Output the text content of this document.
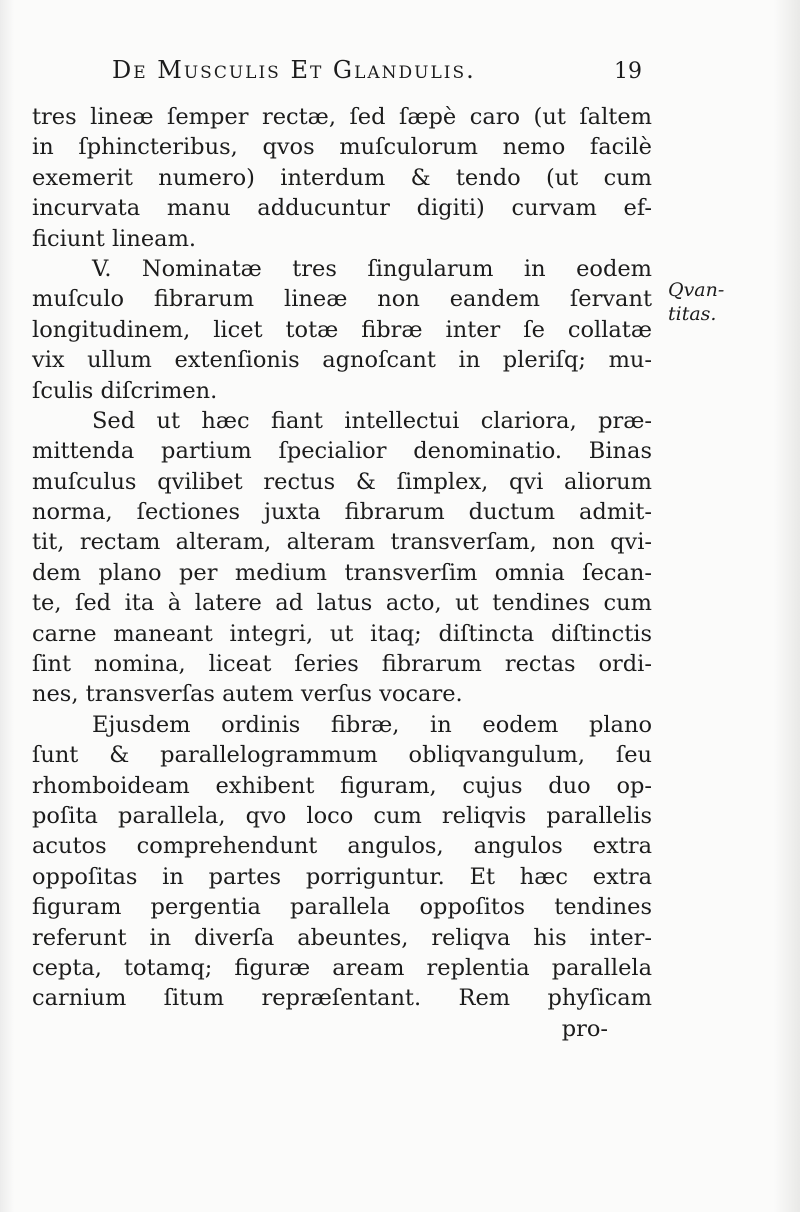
De Musculis Et Glandulis.	19
tres lineæ ſemper rectæ, ſed ſæpè caro (ut ſaltem
in ſphincteribus, qvos muſculorum nemo facilè
exemerit numero) interdum & tendo (ut cum
incurvata manu adducuntur digiti) curvam ef-
ficiunt lineam.
V. Nominatæ tres ſingularum in eodem
muſculo fibrarum lineæ non eandem ſervant
longitudinem, licet totæ fibræ inter ſe collatæ
vix ullum extenſionis agnoſcant in pleriſq; mu-
ſculis diſcrimen.
Sed ut hæc fiant intellectui clariora, præ-
mittenda partium ſpecialior denominatio. Binas
muſculus qvilibet rectus & ſimplex, qvi aliorum
norma, ſectiones juxta fibrarum ductum admit-
tit, rectam alteram, alteram transverſam, non qvi-
dem plano per medium transverſim omnia ſecan-
te, ſed ita à latere ad latus acto, ut tendines cum
carne maneant integri, ut itaq; diſtincta diſtinctis
ſint nomina, liceat ſeries fibrarum rectas ordi-
nes, transverſas autem verſus vocare.
Ejusdem ordinis fibræ, in eodem plano
ſunt & parallelogrammum obliqvangulum, ſeu
rhomboideam exhibent figuram, cujus duo op-
poſita parallela, qvo loco cum reliqvis parallelis
acutos comprehendunt angulos, angulos extra
oppoſitas in partes porriguntur. Et hæc extra
figuram pergentia parallela oppoſitos tendines
referunt in diverſa abeuntes, reliqva his inter-
cepta, totamq; figuræ aream replentia parallela
carnium ſitum repræſentant. Rem phyſicam
pro-
Qvan-
titas.
